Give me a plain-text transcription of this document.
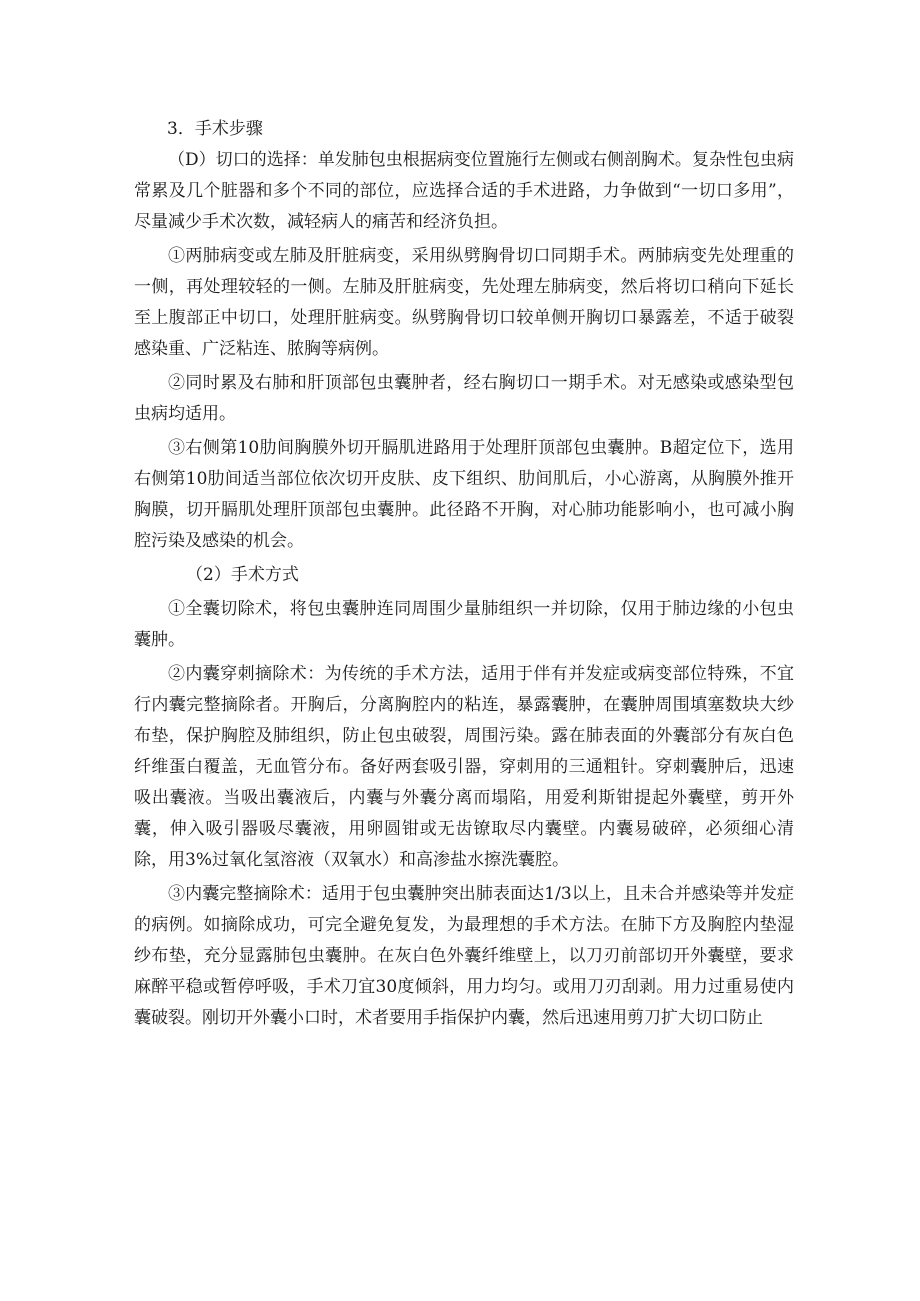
3．手术步骤

（D）切口的选择：单发肺包虫根据病变位置施行左侧或右侧剖胸术。复杂性包虫病常累及几个脏器和多个不同的部位，应选择合适的手术进路，力争做到“一切口多用”，尽量减少手术次数，减轻病人的痛苦和经济负担。

①两肺病变或左肺及肝脏病变，采用纵劈胸骨切口同期手术。两肺病变先处理重的一侧，再处理较轻的一侧。左肺及肝脏病变，先处理左肺病变，然后将切口稍向下延长至上腹部正中切口，处理肝脏病变。纵劈胸骨切口较单侧开胸切口暴露差，不适于破裂感染重、广泛粘连、脓胸等病例。

②同时累及右肺和肝顶部包虫囊肿者，经右胸切口一期手术。对无感染或感染型包虫病均适用。

③右侧第10肋间胸膜外切开膈肌进路用于处理肝顶部包虫囊肿。B超定位下，选用右侧第10肋间适当部位依次切开皮肤、皮下组织、肋间肌后，小心游离，从胸膜外推开胸膜，切开膈肌处理肝顶部包虫囊肿。此径路不开胸，对心肺功能影响小，也可减小胸腔污染及感染的机会。

（2）手术方式

①全囊切除术，将包虫囊肿连同周围少量肺组织一并切除，仅用于肺边缘的小包虫囊肿。

②内囊穿刺摘除术：为传统的手术方法，适用于伴有并发症或病变部位特殊，不宜行内囊完整摘除者。开胸后，分离胸腔内的粘连，暴露囊肿，在囊肿周围填塞数块大纱布垫，保护胸腔及肺组织，防止包虫破裂，周围污染。露在肺表面的外囊部分有灰白色纤维蛋白覆盖，无血管分布。备好两套吸引器，穿刺用的三通粗针。穿刺囊肿后，迅速吸出囊液。当吸出囊液后，内囊与外囊分离而塌陷，用爱利斯钳提起外囊壁，剪开外囊，伸入吸引器吸尽囊液，用卵圆钳或无齿镣取尽内囊壁。内囊易破碎，必须细心清除，用3%过氧化氢溶液（双氧水）和高渗盐水擦洗囊腔。

③内囊完整摘除术：适用于包虫囊肿突出肺表面达1/3以上，且未合并感染等并发症的病例。如摘除成功，可完全避免复发，为最理想的手术方法。在肺下方及胸腔内垫湿纱布垫，充分显露肺包虫囊肿。在灰白色外囊纤维壁上，以刀刃前部切开外囊壁，要求麻醉平稳或暂停呼吸，手术刀宜30度倾斜，用力均匀。或用刀刃刮剥。用力过重易使内囊破裂。刚切开外囊小口时，术者要用手指保护内囊，然后迅速用剪刀扩大切口防止
